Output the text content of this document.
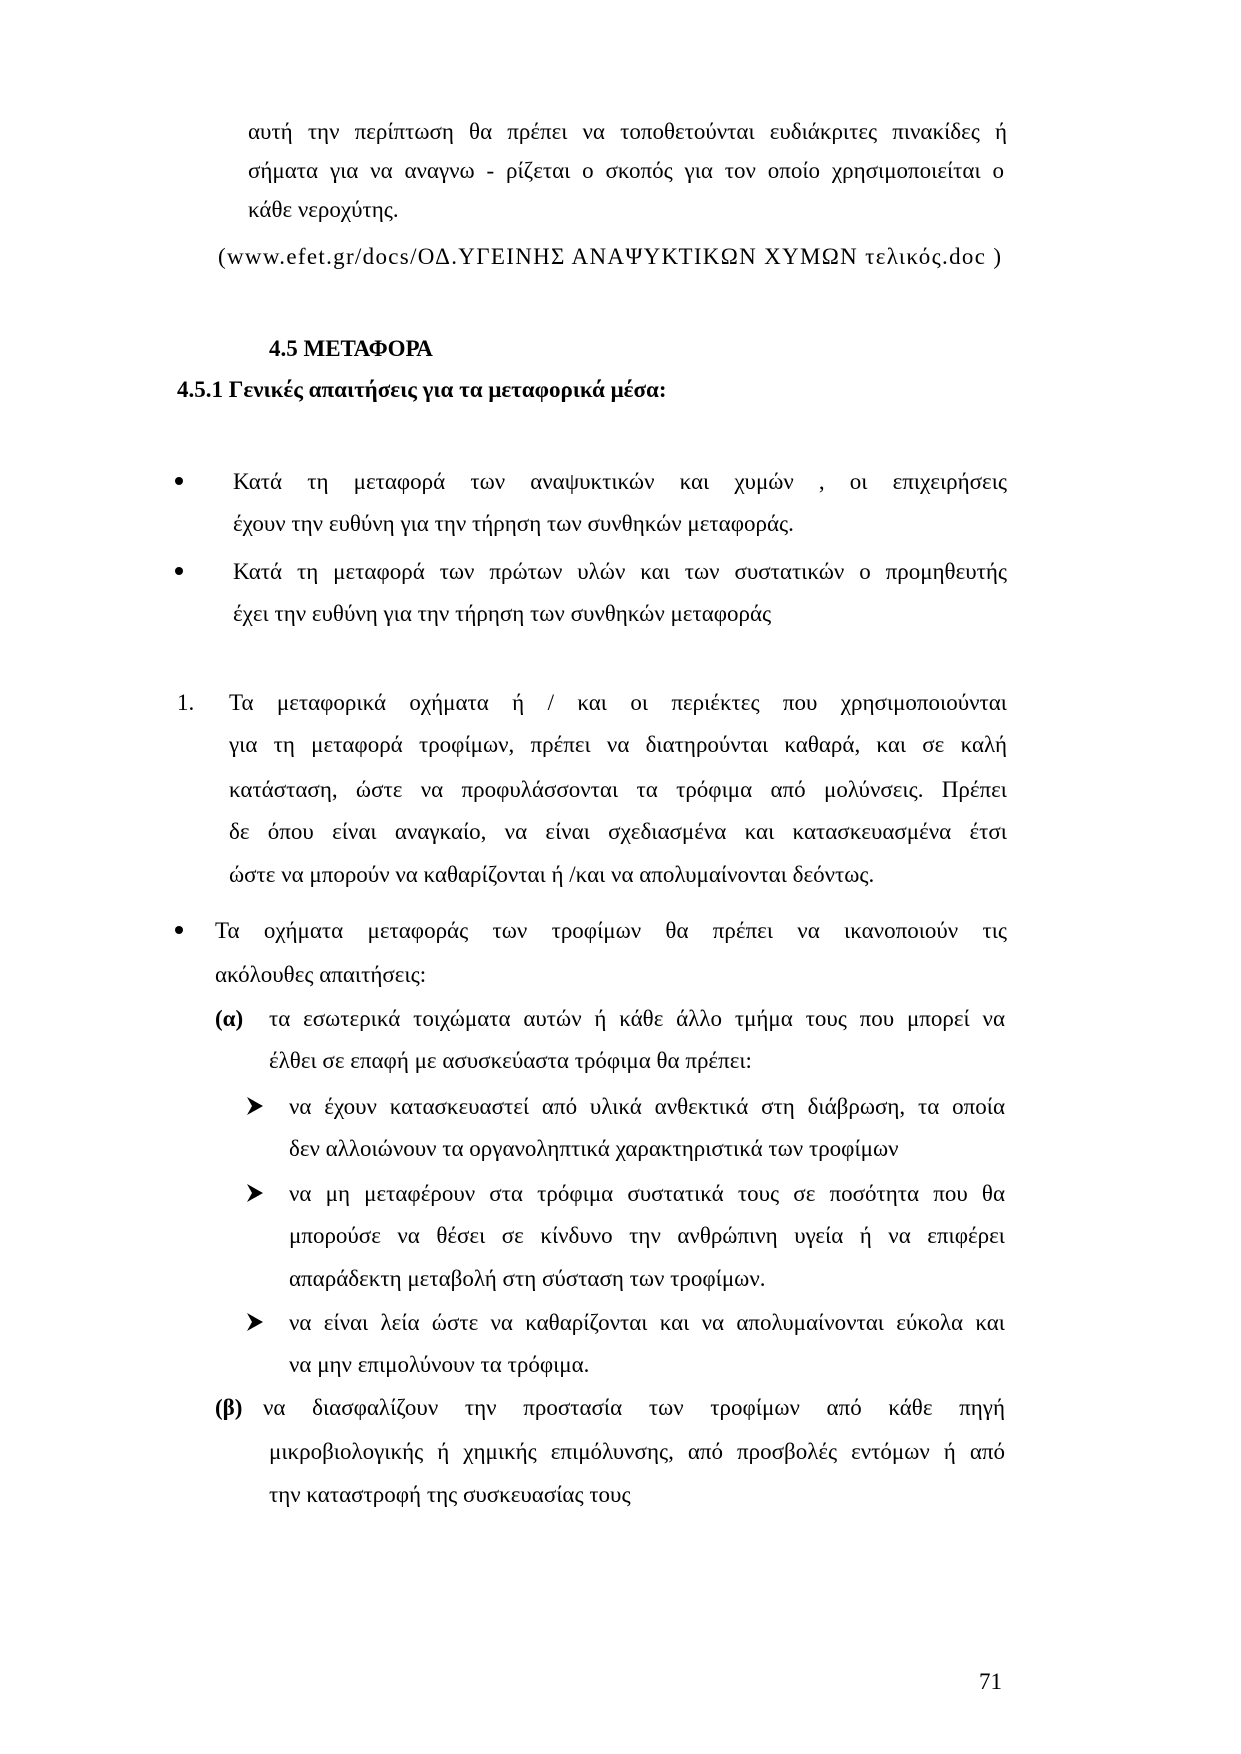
αυτή την περίπτωση θα πρέπει να τοποθετούνται ευδιάκριτες πινακίδες ή
σήματα για να αναγνω - ρίζεται ο σκοπός για τον οποίο χρησιμοποιείται ο
κάθε νεροχύτης.
(www.efet.gr/docs/ΟΔ.ΥΓΕΙΝΗΣ ΑΝΑΨΥΚΤΙΚΩΝ ΧΥΜΩΝ τελικός.doc )
4.5 ΜΕΤΑΦΟΡΑ
4.5.1 Γενικές απαιτήσεις για τα μεταφορικά μέσα:
Κατά τη μεταφορά των αναψυκτικών και χυμών , οι επιχειρήσεις
έχουν την ευθύνη για την τήρηση των συνθηκών μεταφοράς.
Κατά τη μεταφορά των πρώτων υλών και των συστατικών ο προμηθευτής
έχει την ευθύνη για την τήρηση των συνθηκών μεταφοράς
1. Τα μεταφορικά οχήματα ή / και οι περιέκτες που χρησιμοποιούνται
για τη μεταφορά τροφίμων, πρέπει να διατηρούνται καθαρά, και σε καλή
κατάσταση, ώστε να προφυλάσσονται τα τρόφιμα από μολύνσεις. Πρέπει
δε όπου είναι αναγκαίο, να είναι σχεδιασμένα και κατασκευασμένα έτσι
ώστε να μπορούν να καθαρίζονται ή /και να απολυμαίνονται δεόντως.
Τα οχήματα μεταφοράς των τροφίμων θα πρέπει να ικανοποιούν τις
ακόλουθες απαιτήσεις:
(α) τα εσωτερικά τοιχώματα αυτών ή κάθε άλλο τμήμα τους που μπορεί να
έλθει σε επαφή με ασυσκεύαστα τρόφιμα θα πρέπει:
να έχουν κατασκευαστεί από υλικά ανθεκτικά στη διάβρωση, τα οποία
δεν αλλοιώνουν τα οργανοληπτικά χαρακτηριστικά των τροφίμων
να μη μεταφέρουν στα τρόφιμα συστατικά τους σε ποσότητα που θα
μπορούσε να θέσει σε κίνδυνο την ανθρώπινη υγεία ή να επιφέρει
απαράδεκτη μεταβολή στη σύσταση των τροφίμων.
να είναι λεία ώστε να καθαρίζονται και να απολυμαίνονται εύκολα και
να μην επιμολύνουν τα τρόφιμα.
(β) να διασφαλίζουν την προστασία των τροφίμων από κάθε πηγή
μικροβιολογικής ή χημικής επιμόλυνσης, από προσβολές εντόμων ή από
την καταστροφή της συσκευασίας τους
71
